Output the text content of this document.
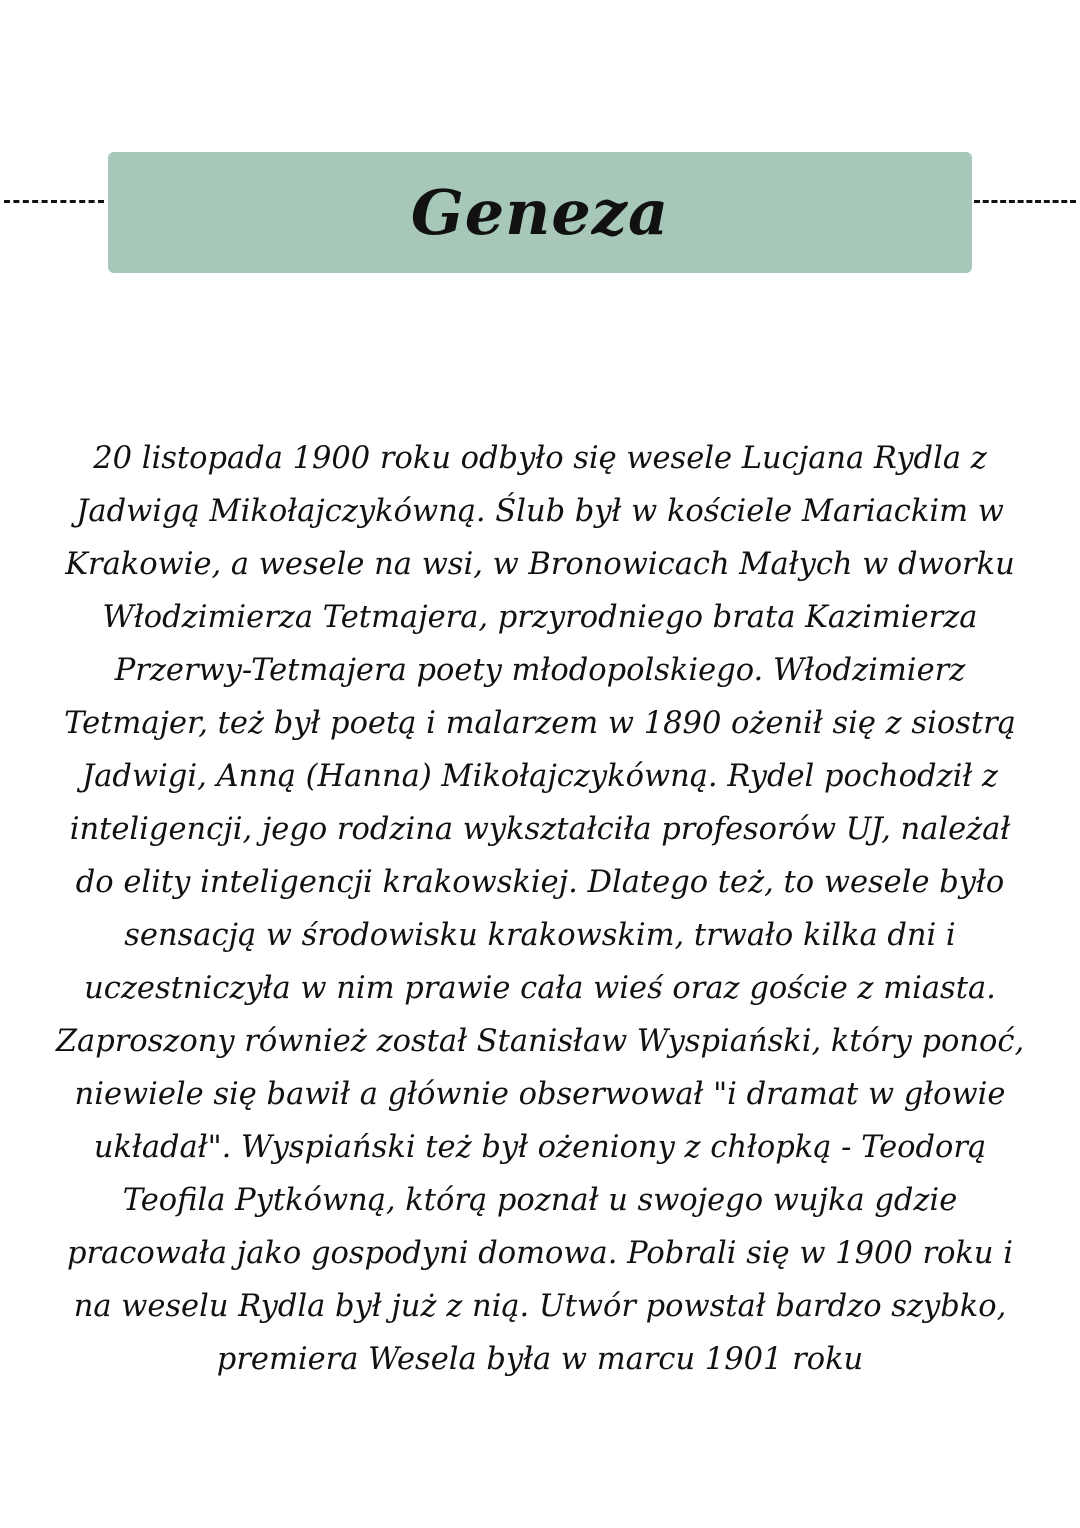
Geneza

20 listopada 1900 roku odbyło się wesele Lucjana Rydla z
Jadwigą Mikołajczykówną. Ślub był w kościele Mariackim w
Krakowie, a wesele na wsi, w Bronowicach Małych w dworku
Włodzimierza Tetmajera, przyrodniego brata Kazimierza
Przerwy-Tetmajera poety młodopolskiego. Włodzimierz
Tetmajer, też był poetą i malarzem w 1890 ożenił się z siostrą
Jadwigi, Anną (Hanna) Mikołajczykówną. Rydel pochodził z
inteligencji, jego rodzina wykształciła profesorów UJ, należał
do elity inteligencji krakowskiej. Dlatego też, to wesele było
sensacją w środowisku krakowskim, trwało kilka dni i
uczestniczyła w nim prawie cała wieś oraz goście z miasta.
Zaproszony również został Stanisław Wyspiański, który ponoć,
niewiele się bawił a głównie obserwował "i dramat w głowie
układał". Wyspiański też był ożeniony z chłopką - Teodorą
Teofila Pytkówną, którą poznał u swojego wujka gdzie
pracowała jako gospodyni domowa. Pobrali się w 1900 roku i
na weselu Rydla był już z nią. Utwór powstał bardzo szybko,
premiera Wesela była w marcu 1901 roku
